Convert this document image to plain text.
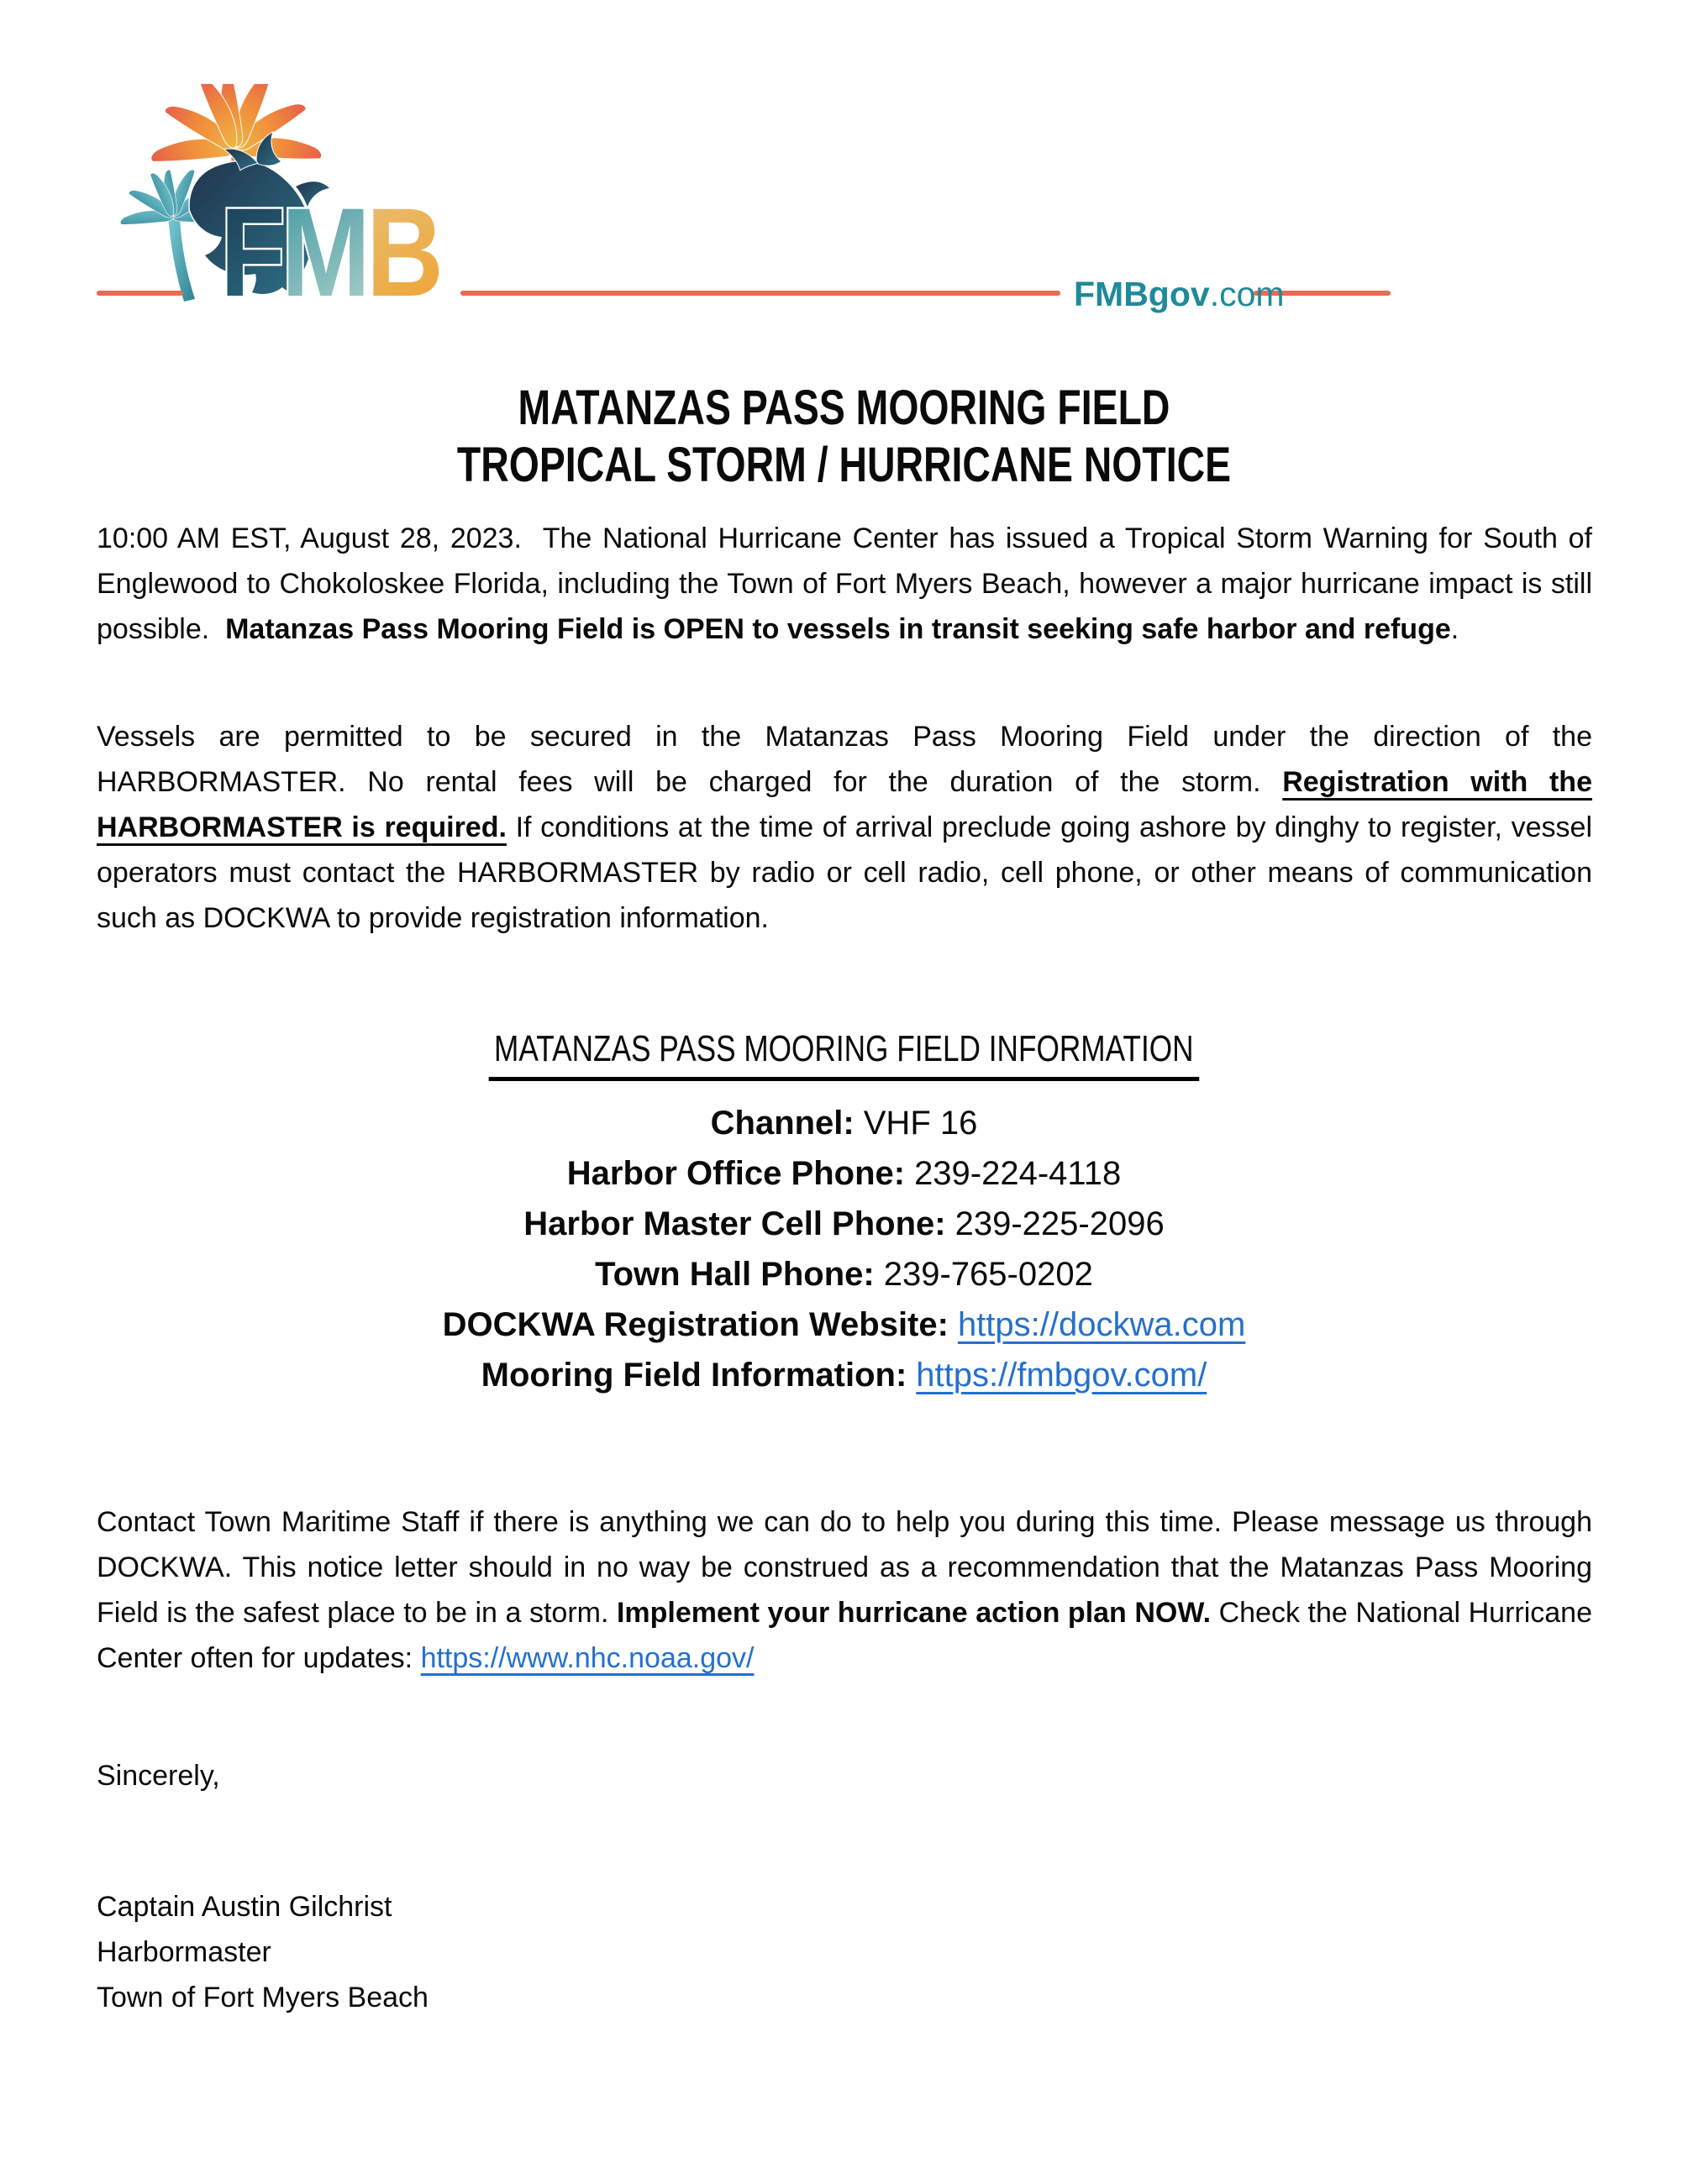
FMB	FMBgov.com
MATANZAS PASS MOORING FIELD
TROPICAL STORM / HURRICANE NOTICE
10:00 AM EST, August 28, 2023.  The National Hurricane Center has issued a Tropical Storm Warning for South of Englewood to Chokoloskee Florida, including the Town of Fort Myers Beach, however a major hurricane impact is still possible.  Matanzas Pass Mooring Field is OPEN to vessels in transit seeking safe harbor and refuge.
Vessels are permitted to be secured in the Matanzas Pass Mooring Field under the direction of the HARBORMASTER. No rental fees will be charged for the duration of the storm. Registration with the HARBORMASTER is required. If conditions at the time of arrival preclude going ashore by dinghy to register, vessel operators must contact the HARBORMASTER by radio or cell radio, cell phone, or other means of communication such as DOCKWA to provide registration information.
MATANZAS PASS MOORING FIELD INFORMATION
Channel: VHF 16
Harbor Office Phone: 239-224-4118
Harbor Master Cell Phone: 239-225-2096
Town Hall Phone: 239-765-0202
DOCKWA Registration Website: https://dockwa.com
Mooring Field Information: https://fmbgov.com/
Contact Town Maritime Staff if there is anything we can do to help you during this time. Please message us through DOCKWA. This notice letter should in no way be construed as a recommendation that the Matanzas Pass Mooring Field is the safest place to be in a storm. Implement your hurricane action plan NOW. Check the National Hurricane Center often for updates: https://www.nhc.noaa.gov/
Sincerely,
Captain Austin Gilchrist
Harbormaster
Town of Fort Myers Beach
